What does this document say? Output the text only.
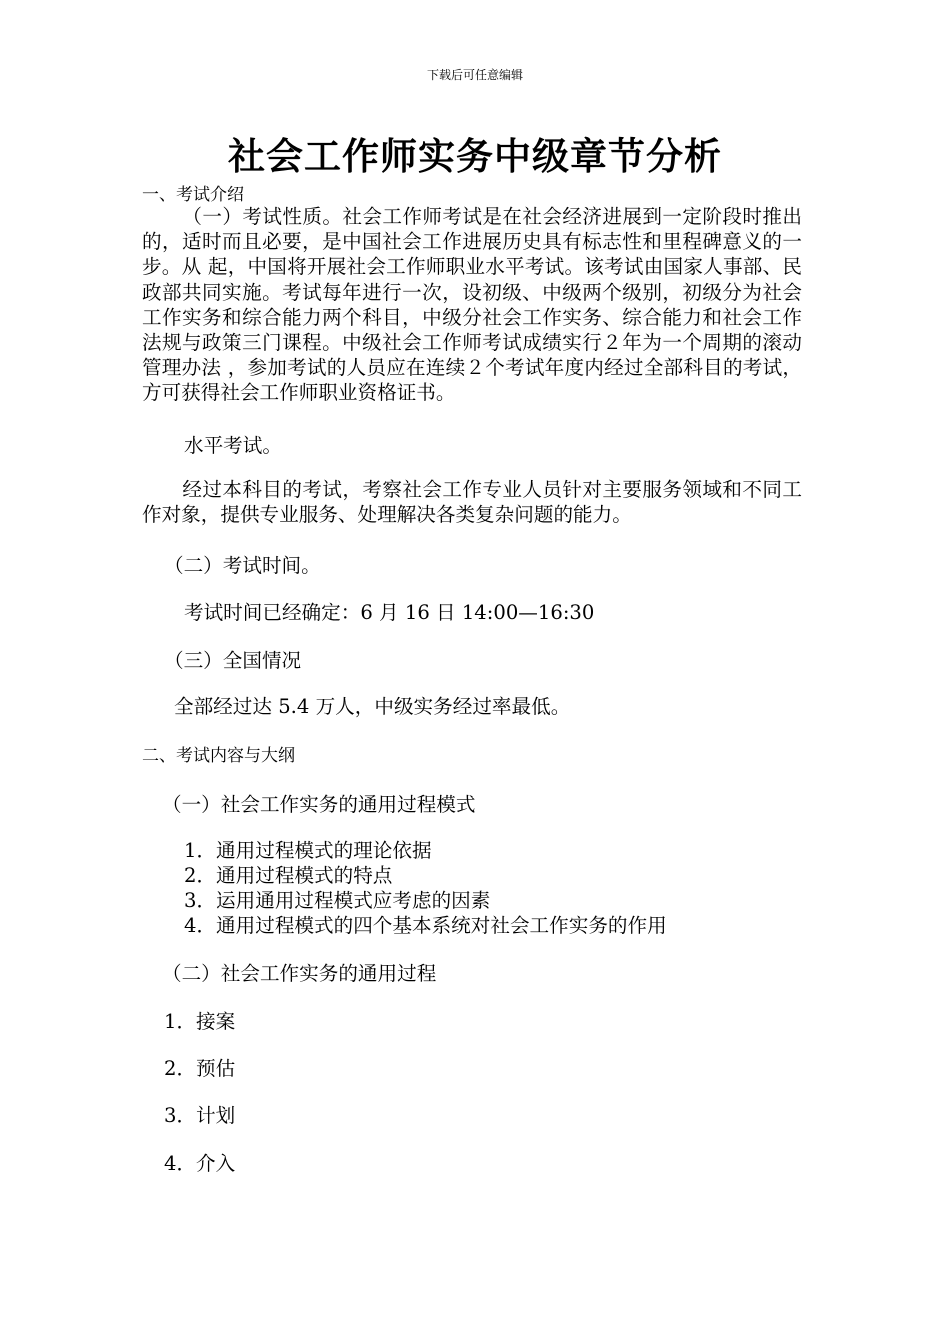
下载后可任意编辑
社会工作师实务中级章节分析
一、考试介绍

（一）考试性质。社会工作师考试是在社会经济进展到一定阶段时推出的，适时而且必要，是中国社会工作进展历史具有标志性和里程碑意义的一步。从 起，中国将开展社会工作师职业水平考试。该考试由国家人事部、民政部共同实施。考试每年进行一次，设初级、中级两个级别，初级分为社会工作实务和综合能力两个科目，中级分社会工作实务、综合能力和社会工作法规与政策三门课程。中级社会工作师考试成绩实行２年为一个周期的滚动管理办法 ，参加考试的人员应在连续２个考试年度内经过全部科目的考试，方可获得社会工作师职业资格证书。

水平考试。

经过本科目的考试，考察社会工作专业人员针对主要服务领域和不同工作对象，提供专业服务、处理解决各类复杂问题的能力。

（二）考试时间。
考试时间已经确定：6 月 16 日 14:00—16:30
（三）全国情况
全部经过达 5.4 万人，中级实务经过率最低。
二、考试内容与大纲
（一）社会工作实务的通用过程模式
1．通用过程模式的理论依据
2．通用过程模式的特点
3．运用通用过程模式应考虑的因素
4．通用过程模式的四个基本系统对社会工作实务的作用
（二）社会工作实务的通用过程
1．接案
2．预估
3．计划
4．介入
